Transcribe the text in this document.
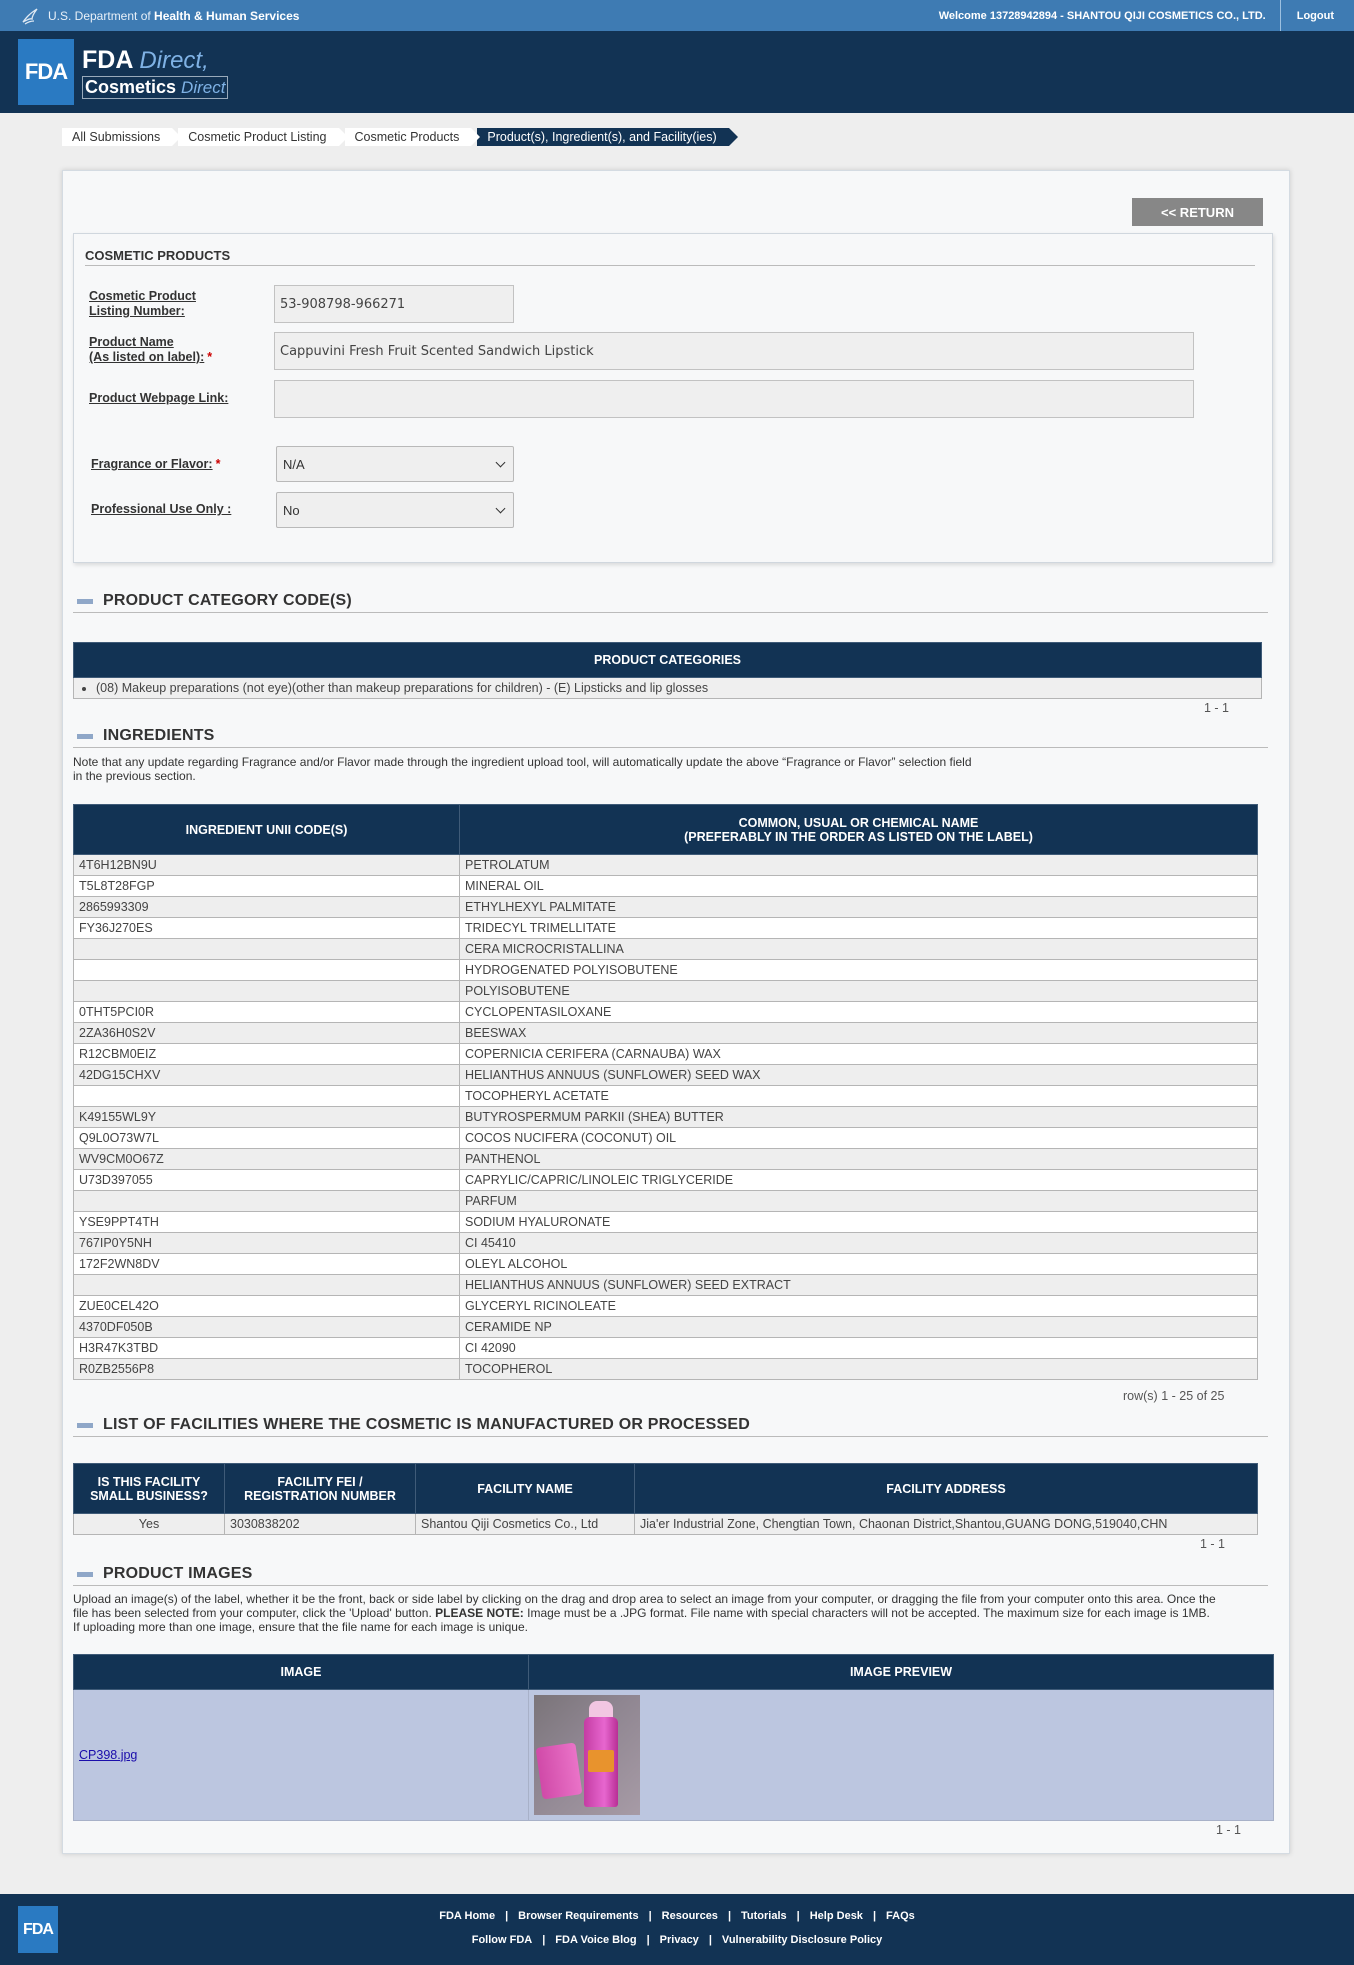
U.S. Department of Health & Human Services	Welcome 13728942894 - SHANTOU QIJI COSMETICS CO., LTD.	Logout
FDA FDA Direct,
Cosmetics Direct
All Submissions	Cosmetic Product Listing	Cosmetic Products	Product(s), Ingredient(s), and Facility(ies)
<< RETURN
COSMETIC PRODUCTS
Cosmetic Product
Listing Number:	53-908798-966271
Product Name
(As listed on label): *	Cappuvini Fresh Fruit Scented Sandwich Lipstick
Product Webpage Link:
Fragrance or Flavor: *	N/A
Professional Use Only :	No
PRODUCT CATEGORY CODE(S)
PRODUCT CATEGORIES

• (08) Makeup preparations (not eye)(other than makeup preparations for children) - (E) Lipsticks and lip glosses
1 - 1
INGREDIENTS
Note that any update regarding Fragrance and/or Flavor made through the ingredient upload tool, will automatically update the above “Fragrance or Flavor” selection field
in the previous section.
INGREDIENT UNII CODE(S)	COMMON, USUAL OR CHEMICAL NAME
(PREFERABLY IN THE ORDER AS LISTED ON THE LABEL)
4T6H12BN9U	PETROLATUM
T5L8T28FGP	MINERAL OIL
2865993309	ETHYLHEXYL PALMITATE
FY36J270ES	TRIDECYL TRIMELLITATE
	CERA MICROCRISTALLINA
	HYDROGENATED POLYISOBUTENE
	POLYISOBUTENE
0THT5PCI0R	CYCLOPENTASILOXANE
2ZA36H0S2V	BEESWAX
R12CBM0EIZ	COPERNICIA CERIFERA (CARNAUBA) WAX
42DG15CHXV	HELIANTHUS ANNUUS (SUNFLOWER) SEED WAX
	TOCOPHERYL ACETATE
K49155WL9Y	BUTYROSPERMUM PARKII (SHEA) BUTTER
Q9L0O73W7L	COCOS NUCIFERA (COCONUT) OIL
WV9CM0O67Z	PANTHENOL
U73D397055	CAPRYLIC/CAPRIC/LINOLEIC TRIGLYCERIDE
	PARFUM
YSE9PPT4TH	SODIUM HYALURONATE
767IP0Y5NH	CI 45410
172F2WN8DV	OLEYL ALCOHOL
	HELIANTHUS ANNUUS (SUNFLOWER) SEED EXTRACT
ZUE0CEL42O	GLYCERYL RICINOLEATE
4370DF050B	CERAMIDE NP
H3R47K3TBD	CI 42090
R0ZB2556P8	TOCOPHEROL
row(s) 1 - 25 of 25
LIST OF FACILITIES WHERE THE COSMETIC IS MANUFACTURED OR PROCESSED
IS THIS FACILITY
SMALL BUSINESS?	FACILITY FEI /
REGISTRATION NUMBER	FACILITY NAME	FACILITY ADDRESS
Yes	3030838202	Shantou Qiji Cosmetics Co., Ltd	Jia'er Industrial Zone, Chengtian Town, Chaonan District,Shantou,GUANG DONG,519040,CHN
1 - 1
PRODUCT IMAGES
Upload an image(s) of the label, whether it be the front, back or side label by clicking on the drag and drop area to select an image from your computer, or dragging the file from your computer onto this area. Once the
file has been selected from your computer, click the 'Upload' button. PLEASE NOTE: Image must be a .JPG format. File name with special characters will not be accepted. The maximum size for each image is 1MB.
If uploading more than one image, ensure that the file name for each image is unique.
IMAGE	IMAGE PREVIEW
CP398.jpg	
1 - 1
FDA
FDA Home | Browser Requirements | Resources | Tutorials | Help Desk | FAQs
Follow FDA | FDA Voice Blog | Privacy | Vulnerability Disclosure Policy
